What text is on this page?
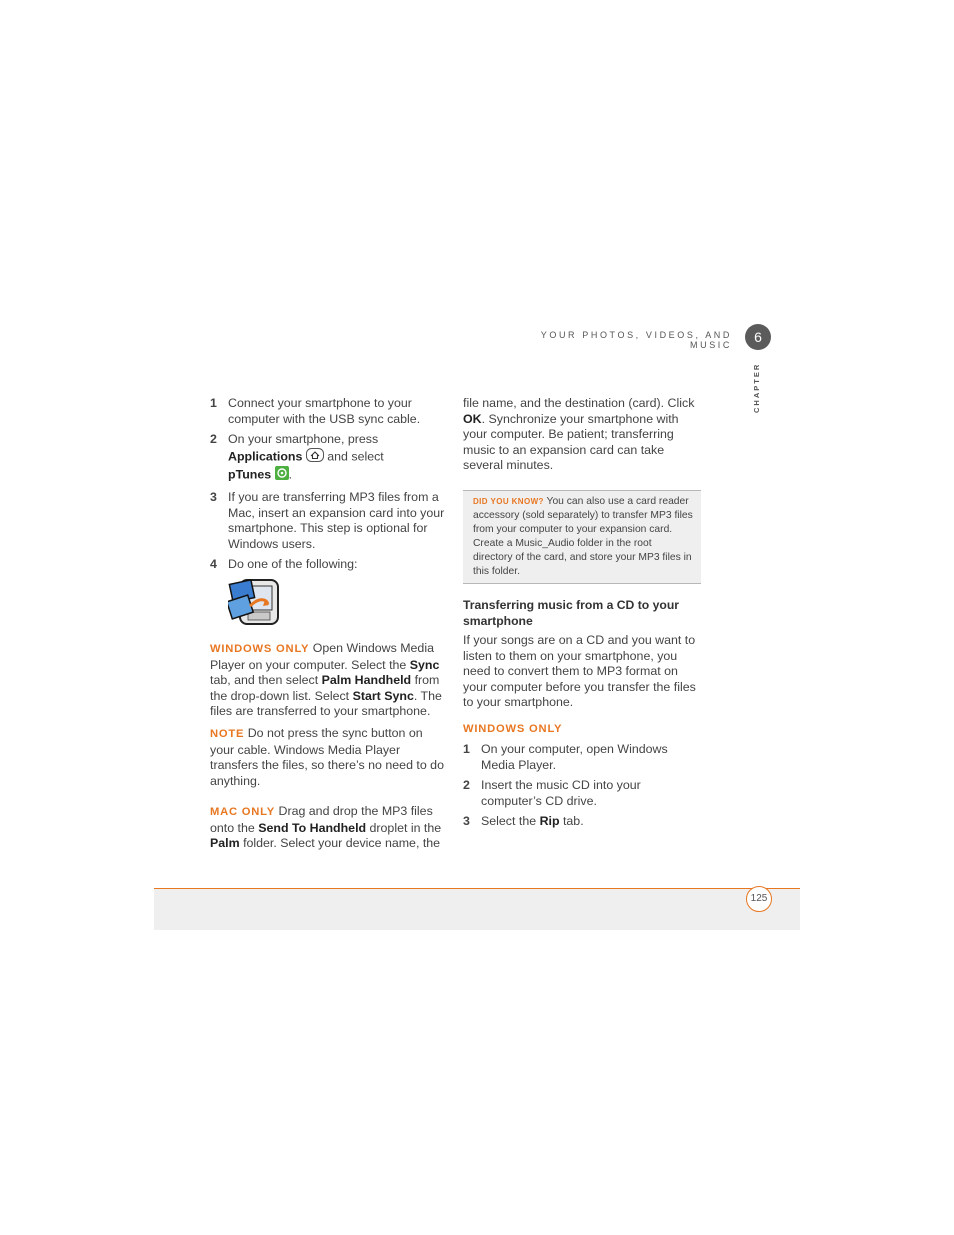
YOUR PHOTOS, VIDEOS, AND MUSIC	6
CHAPTER
1 Connect your smartphone to your computer with the USB sync cable.
2 On your smartphone, press Applications  and select
pTunes .
3 If you are transferring MP3 files from a Mac, insert an expansion card into your smartphone. This step is optional for Windows users.
4 Do one of the following:
WINDOWS ONLY Open Windows Media Player on your computer. Select the Sync tab, and then select Palm Handheld from the drop-down list. Select Start Sync. The files are transferred to your smartphone.
NOTE Do not press the sync button on your cable. Windows Media Player transfers the files, so there’s no need to do anything.
MAC ONLY Drag and drop the MP3 files onto the Send To Handheld droplet in the Palm folder. Select your device name, the
file name, and the destination (card). Click OK. Synchronize your smartphone with your computer. Be patient; transferring music to an expansion card can take several minutes.
DID YOU KNOW? You can also use a card reader accessory (sold separately) to transfer MP3 files from your computer to your expansion card. Create a Music_Audio folder in the root directory of the card, and store your MP3 files in this folder.
Transferring music from a CD to your smartphone
If your songs are on a CD and you want to listen to them on your smartphone, you need to convert them to MP3 format on your computer before you transfer the files to your smartphone.
WINDOWS ONLY
1 On your computer, open Windows Media Player.
2 Insert the music CD into your computer’s CD drive.
3 Select the Rip tab.
125
